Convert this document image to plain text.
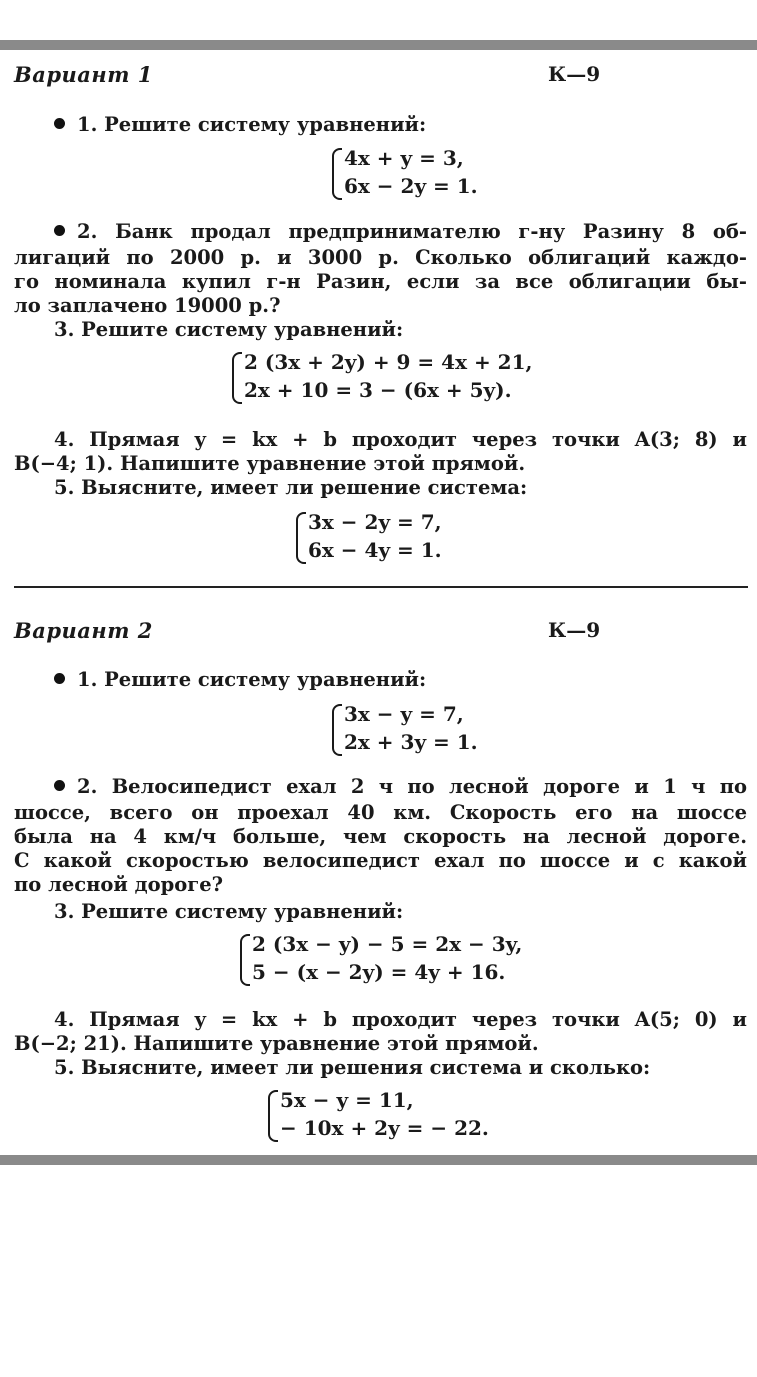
Вариант 1	К—9
1. Решите систему уравнений:
4x + y = 3,
6x − 2y = 1.
2. Банк продал предпринимателю г-ну Разину 8 об-
лигаций по 2000 р. и 3000 р. Сколько облигаций каждо-
го номинала купил г-н Разин, если за все облигации бы-
ло заплачено 19000 р.?
3. Решите систему уравнений:
2 (3x + 2y) + 9 = 4x + 21,
2x + 10 = 3 − (6x + 5y).
4. Прямая y = kx + b проходит через точки A(3; 8) и
B(−4; 1). Напишите уравнение этой прямой.
5. Выясните, имеет ли решение система:
3x − 2y = 7,
6x − 4y = 1.
Вариант 2	К—9
1. Решите систему уравнений:
3x − y = 7,
2x + 3y = 1.
2. Велосипедист ехал 2 ч по лесной дороге и 1 ч по
шоссе, всего он проехал 40 км. Скорость его на шоссе
была на 4 км/ч больше, чем скорость на лесной дороге.
С какой скоростью велосипедист ехал по шоссе и с какой
по лесной дороге?
3. Решите систему уравнений:
2 (3x − y) − 5 = 2x − 3y,
5 − (x − 2y) = 4y + 16.
4. Прямая y = kx + b проходит через точки A(5; 0) и
B(−2; 21). Напишите уравнение этой прямой.
5. Выясните, имеет ли решения система и сколько:
5x − y = 11,
− 10x + 2y = − 22.
